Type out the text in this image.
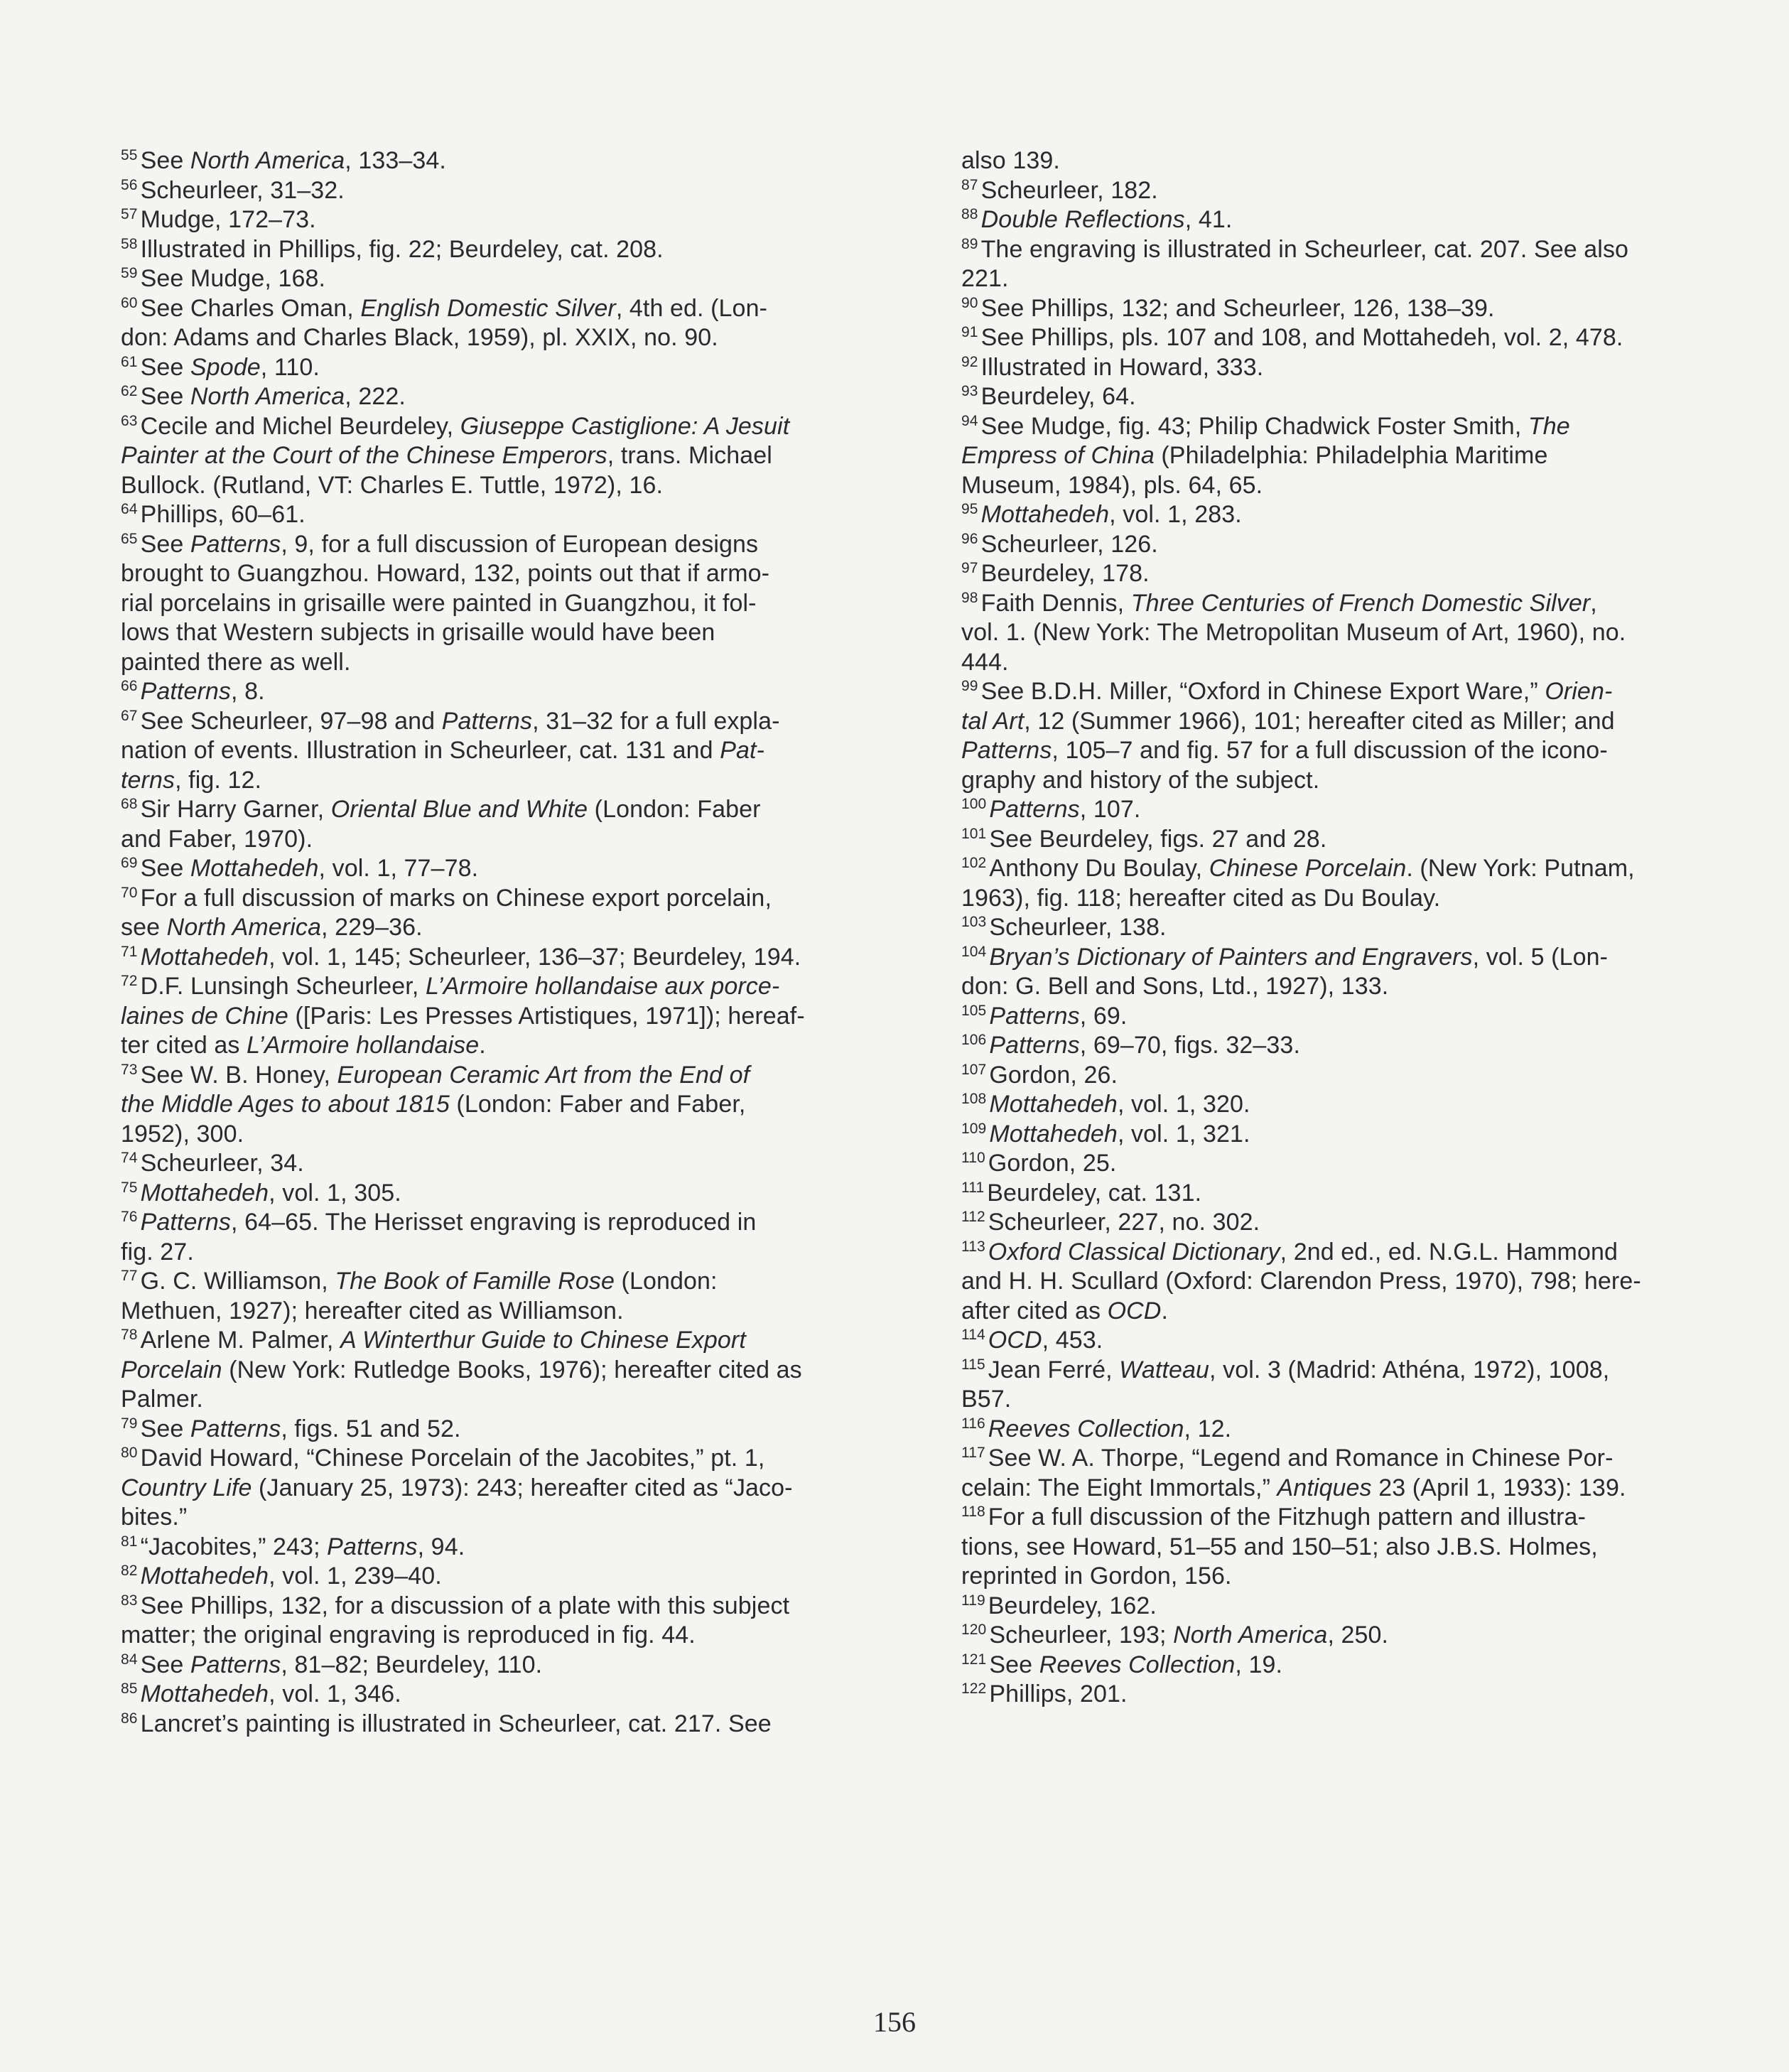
$^{55}$ See North America, 133–34.

$^{56}$ Scheurleer, 31–32.

$^{57}$ Mudge, 172–73.

$^{58}$ Illustrated in Phillips, fig. 22; Beurdeley, cat. 208.

$^{59}$ See Mudge, 168.

$^{60}$ See Charles Oman, English Domestic Silver, 4th ed. (Lon-
don: Adams and Charles Black, 1959), pl. XXIX, no. 90.

$^{61}$ See Spode, 110.

$^{62}$ See North America, 222.

$^{63}$ Cecile and Michel Beurdeley, Giuseppe Castiglione: A Jesuit
Painter at the Court of the Chinese Emperors, trans. Michael
Bullock. (Rutland, VT: Charles E. Tuttle, 1972), 16.

$^{64}$ Phillips, 60–61.

$^{65}$ See Patterns, 9, for a full discussion of European designs
brought to Guangzhou. Howard, 132, points out that if armo-
rial porcelains in grisaille were painted in Guangzhou, it fol-
lows that Western subjects in grisaille would have been
painted there as well.

$^{66}$ Patterns, 8.

$^{67}$ See Scheurleer, 97–98 and Patterns, 31–32 for a full expla-
nation of events. Illustration in Scheurleer, cat. 131 and Pat-
terns, fig. 12.

$^{68}$ Sir Harry Garner, Oriental Blue and White (London: Faber
and Faber, 1970).

$^{69}$ See Mottahedeh, vol. 1, 77–78.

$^{70}$ For a full discussion of marks on Chinese export porcelain,
see North America, 229–36.

$^{71}$ Mottahedeh, vol. 1, 145; Scheurleer, 136–37; Beurdeley, 194.

$^{72}$ D.F. Lunsingh Scheurleer, L’Armoire hollandaise aux porce-
laines de Chine ([Paris: Les Presses Artistiques, 1971]); hereaf-
ter cited as L’Armoire hollandaise.

$^{73}$ See W. B. Honey, European Ceramic Art from the End of
the Middle Ages to about 1815 (London: Faber and Faber,
1952), 300.

$^{74}$ Scheurleer, 34.

$^{75}$ Mottahedeh, vol. 1, 305.

$^{76}$ Patterns, 64–65. The Herisset engraving is reproduced in
fig. 27.

$^{77}$ G. C. Williamson, The Book of Famille Rose (London:
Methuen, 1927); hereafter cited as Williamson.

$^{78}$ Arlene M. Palmer, A Winterthur Guide to Chinese Export
Porcelain (New York: Rutledge Books, 1976); hereafter cited as
Palmer.

$^{79}$ See Patterns, figs. 51 and 52.

$^{80}$ David Howard, “Chinese Porcelain of the Jacobites,” pt. 1,
Country Life (January 25, 1973): 243; hereafter cited as “Jaco-
bites.”

$^{81}$ “Jacobites,” 243; Patterns, 94.

$^{82}$ Mottahedeh, vol. 1, 239–40.

$^{83}$ See Phillips, 132, for a discussion of a plate with this subject
matter; the original engraving is reproduced in fig. 44.

$^{84}$ See Patterns, 81–82; Beurdeley, 110.

$^{85}$ Mottahedeh, vol. 1, 346.

$^{86}$ Lancret’s painting is illustrated in Scheurleer, cat. 217. See

also 139.

$^{87}$ Scheurleer, 182.

$^{88}$ Double Reflections, 41.

$^{89}$ The engraving is illustrated in Scheurleer, cat. 207. See also
221.

$^{90}$ See Phillips, 132; and Scheurleer, 126, 138–39.

$^{91}$ See Phillips, pls. 107 and 108, and Mottahedeh, vol. 2, 478.

$^{92}$ Illustrated in Howard, 333.

$^{93}$ Beurdeley, 64.

$^{94}$ See Mudge, fig. 43; Philip Chadwick Foster Smith, The
Empress of China (Philadelphia: Philadelphia Maritime
Museum, 1984), pls. 64, 65.

$^{95}$ Mottahedeh, vol. 1, 283.

$^{96}$ Scheurleer, 126.

$^{97}$ Beurdeley, 178.

$^{98}$ Faith Dennis, Three Centuries of French Domestic Silver,
vol. 1. (New York: The Metropolitan Museum of Art, 1960), no.
444.

$^{99}$ See B.D.H. Miller, “Oxford in Chinese Export Ware,” Orien-
tal Art, 12 (Summer 1966), 101; hereafter cited as Miller; and
Patterns, 105–7 and fig. 57 for a full discussion of the icono-
graphy and history of the subject.

$^{100}$ Patterns, 107.

$^{101}$ See Beurdeley, figs. 27 and 28.

$^{102}$ Anthony Du Boulay, Chinese Porcelain. (New York: Putnam,
1963), fig. 118; hereafter cited as Du Boulay.

$^{103}$ Scheurleer, 138.

$^{104}$ Bryan’s Dictionary of Painters and Engravers, vol. 5 (Lon-
don: G. Bell and Sons, Ltd., 1927), 133.

$^{105}$ Patterns, 69.

$^{106}$ Patterns, 69–70, figs. 32–33.

$^{107}$ Gordon, 26.

$^{108}$ Mottahedeh, vol. 1, 320.

$^{109}$ Mottahedeh, vol. 1, 321.

$^{110}$ Gordon, 25.

$^{111}$ Beurdeley, cat. 131.

$^{112}$ Scheurleer, 227, no. 302.

$^{113}$ Oxford Classical Dictionary, 2nd ed., ed. N.G.L. Hammond
and H. H. Scullard (Oxford: Clarendon Press, 1970), 798; here-
after cited as OCD.

$^{114}$ OCD, 453.

$^{115}$ Jean Ferré, Watteau, vol. 3 (Madrid: Athéna, 1972), 1008,
B57.

$^{116}$ Reeves Collection, 12.

$^{117}$ See W. A. Thorpe, “Legend and Romance in Chinese Por-
celain: The Eight Immortals,” Antiques 23 (April 1, 1933): 139.

$^{118}$ For a full discussion of the Fitzhugh pattern and illustra-
tions, see Howard, 51–55 and 150–51; also J.B.S. Holmes,
reprinted in Gordon, 156.

$^{119}$ Beurdeley, 162.

$^{120}$ Scheurleer, 193; North America, 250.

$^{121}$ See Reeves Collection, 19.

$^{122}$ Phillips, 201.

156
